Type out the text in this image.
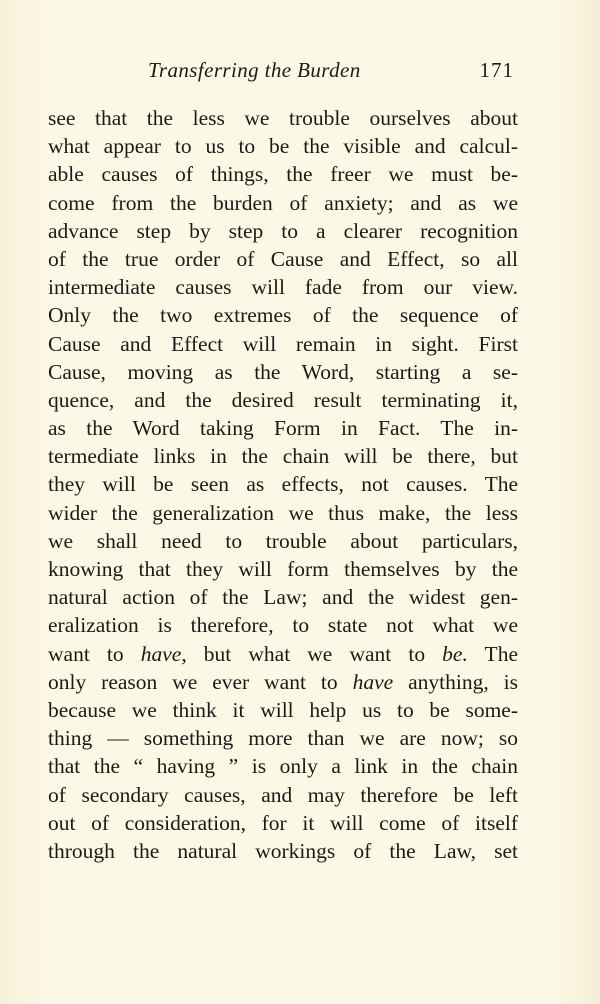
Transferring the Burden	171
see that the less we trouble ourselves about
what appear to us to be the visible and calcul-
able causes of things, the freer we must be-
come from the burden of anxiety; and as we
advance step by step to a clearer recognition
of the true order of Cause and Effect, so all
intermediate causes will fade from our view.
Only the two extremes of the sequence of
Cause and Effect will remain in sight. First
Cause, moving as the Word, starting a se-
quence, and the desired result terminating it,
as the Word taking Form in Fact. The in-
termediate links in the chain will be there, but
they will be seen as effects, not causes. The
wider the generalization we thus make, the less
we shall need to trouble about particulars,
knowing that they will form themselves by the
natural action of the Law; and the widest gen-
eralization is therefore, to state not what we
want to have, but what we want to be. The
only reason we ever want to have anything, is
because we think it will help us to be some-
thing — something more than we are now; so
that the “ having ” is only a link in the chain
of secondary causes, and may therefore be left
out of consideration, for it will come of itself
through the natural workings of the Law, set
